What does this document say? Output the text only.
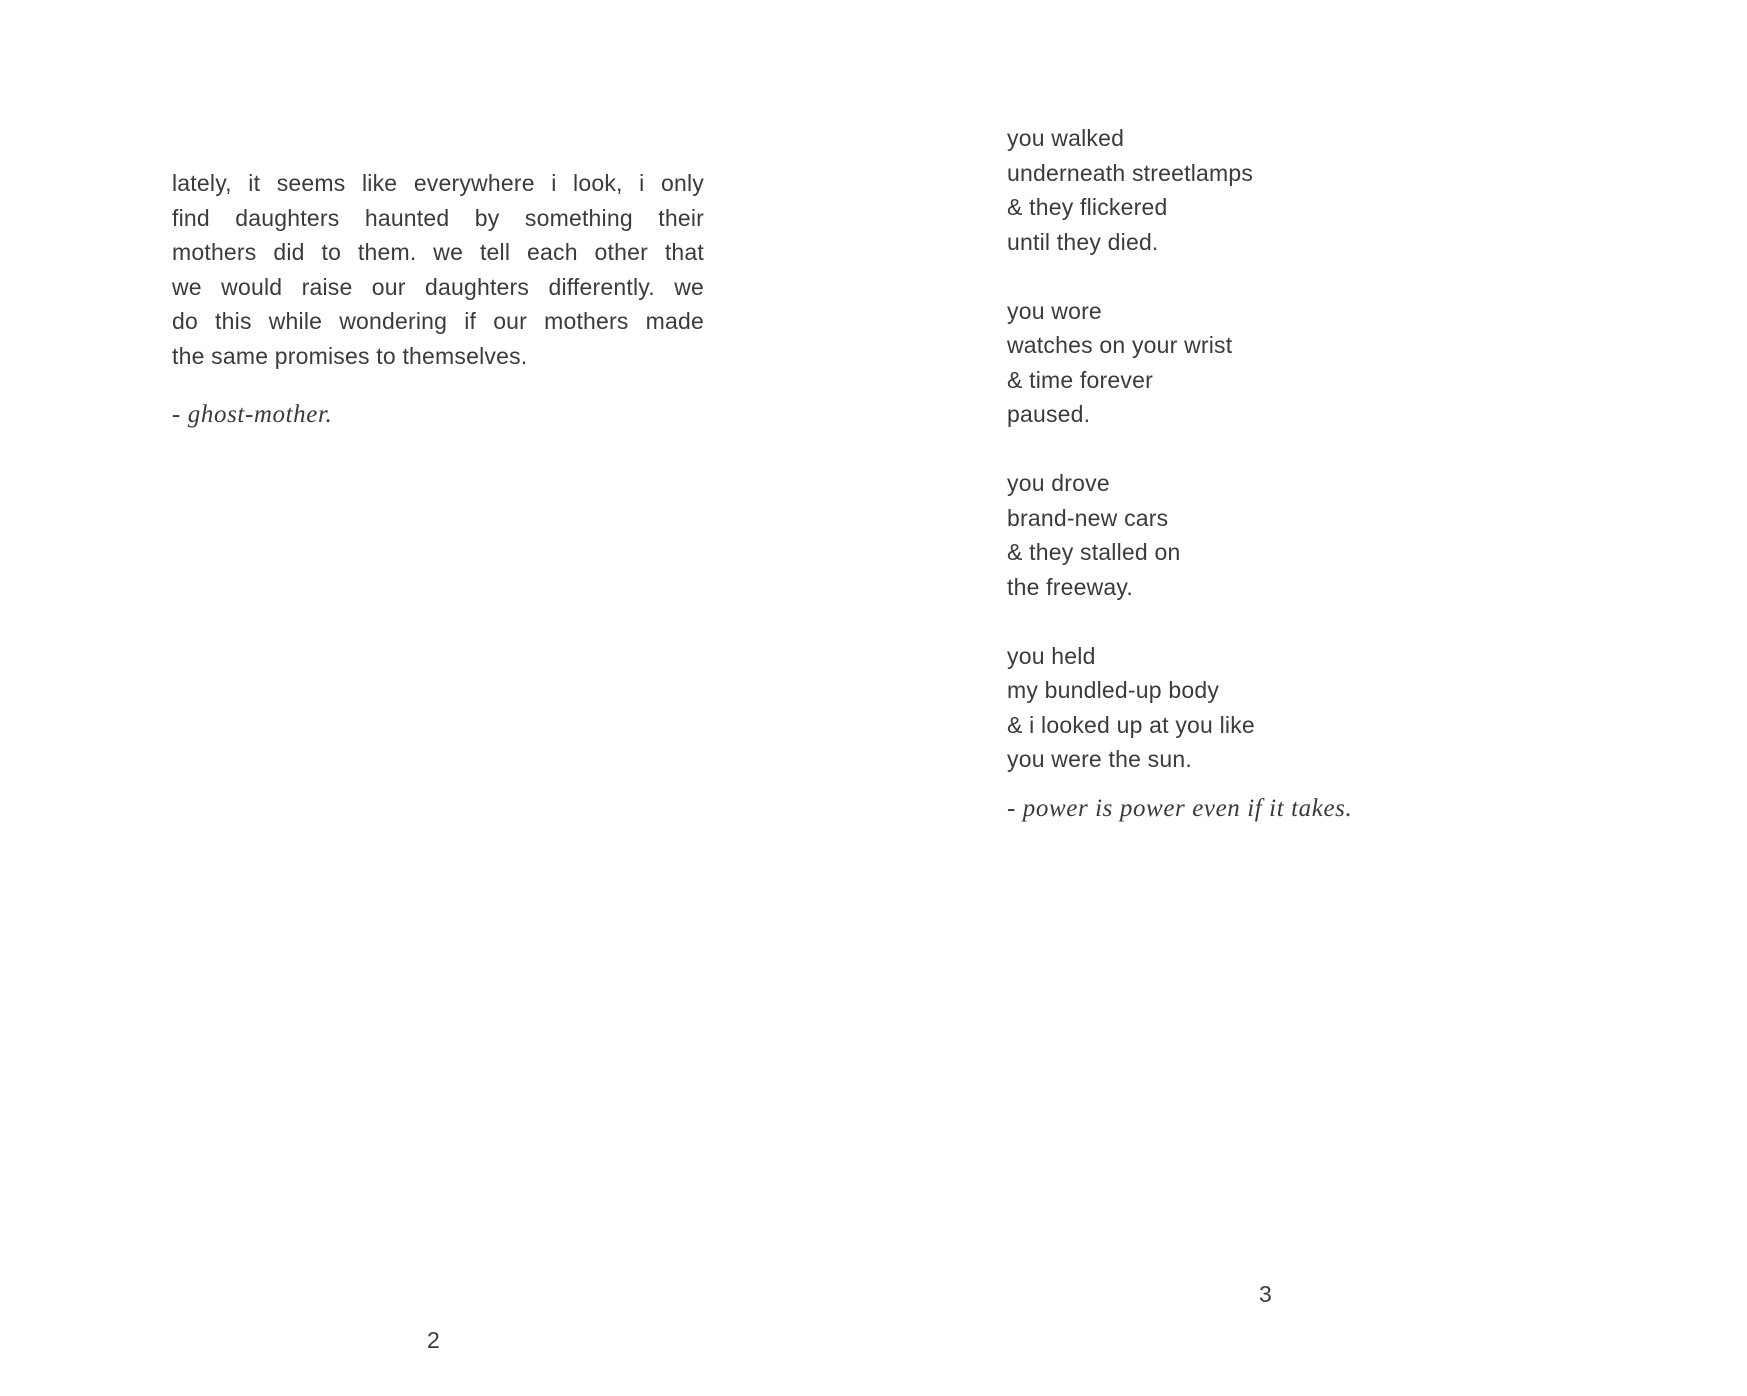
lately, it seems like everywhere i look, i only
find daughters haunted by something their
mothers did to them. we tell each other that
we would raise our daughters differently. we
do this while wondering if our mothers made
the same promises to themselves.
- ghost-mother.
2
you walked
underneath streetlamps
& they flickered
until they died.
you wore
watches on your wrist
& time forever
paused.
you drove
brand-new cars
& they stalled on
the freeway.
you held
my bundled-up body
& i looked up at you like
you were the sun.
- power is power even if it takes.
3
